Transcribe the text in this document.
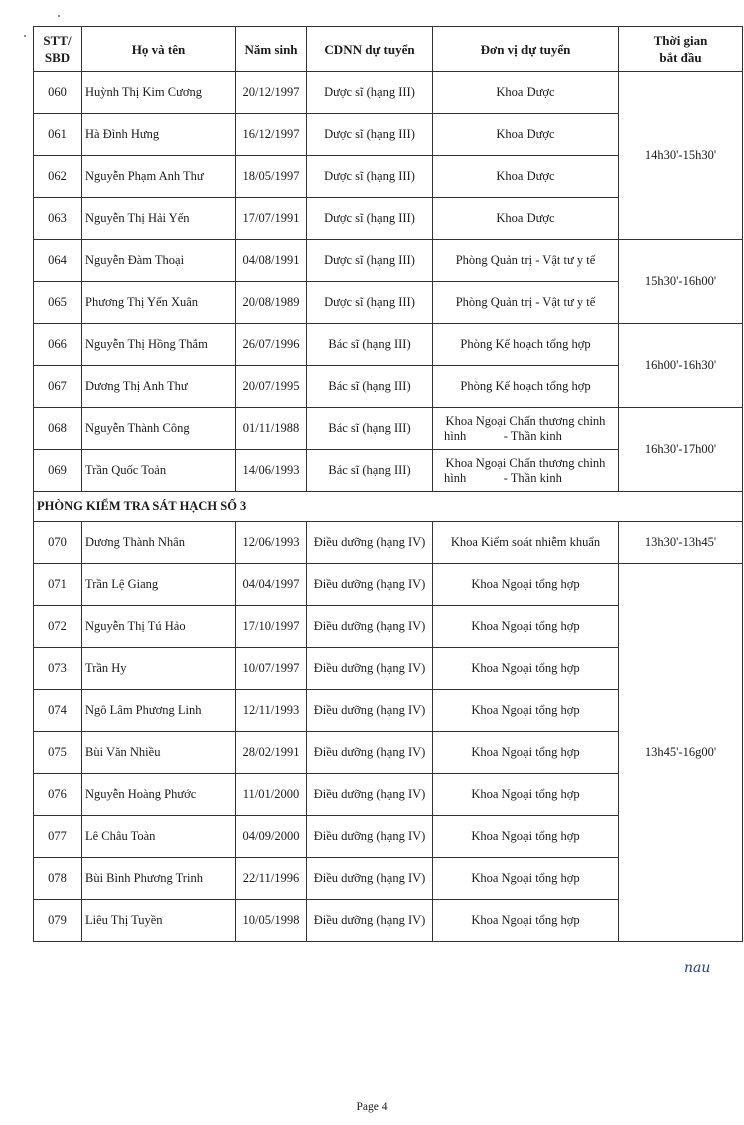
STT/
SBD	Họ và tên	Năm sinh	CDNN dự tuyển	Đơn vị dự tuyển	Thời gian
bắt đầu
060	Huỳnh Thị Kim Cương	20/12/1997	Dược sĩ (hạng III)	Khoa Dược	14h30'-15h30'
061	Hà Đình Hưng	16/12/1997	Dược sĩ (hạng III)	Khoa Dược	
062	Nguyễn Phạm Anh Thư	18/05/1997	Dược sĩ (hạng III)	Khoa Dược	
063	Nguyễn Thị Hải Yến	17/07/1991	Dược sĩ (hạng III)	Khoa Dược	
064	Nguyễn Đàm Thoại	04/08/1991	Dược sĩ (hạng III)	Phòng Quản trị - Vật tư y tế	15h30'-16h00'
065	Phương Thị Yến Xuân	20/08/1989	Dược sĩ (hạng III)	Phòng Quản trị - Vật tư y tế	
066	Nguyễn Thị Hồng Thắm	26/07/1996	Bác sĩ (hạng III)	Phòng Kế hoạch tổng hợp	16h00'-16h30'
067	Dương Thị Anh Thư	20/07/1995	Bác sĩ (hạng III)	Phòng Kế hoạch tổng hợp	
068	Nguyễn Thành Công	01/11/1988	Bác sĩ (hạng III)	Khoa Ngoại Chấn thương chỉnh
hình            - Thần kinh	16h30'-17h00'
069	Trần Quốc Toản	14/06/1993	Bác sĩ (hạng III)	Khoa Ngoại Chấn thương chỉnh
hình            - Thần kinh	

PHÒNG KIỂM TRA SÁT HẠCH SỐ 3					
070	Dương Thành Nhân	12/06/1993	Điều dưỡng (hạng IV)	Khoa Kiểm soát nhiễm khuẩn	13h30'-13h45'
071	Trần Lệ Giang	04/04/1997	Điều dưỡng (hạng IV)	Khoa Ngoại tổng hợp	13h45'-16g00'
072	Nguyễn Thị Tú Hảo	17/10/1997	Điều dưỡng (hạng IV)	Khoa Ngoại tổng hợp	
073	Trần Hy	10/07/1997	Điều dưỡng (hạng IV)	Khoa Ngoại tổng hợp	
074	Ngô Lâm Phương Linh	12/11/1993	Điều dưỡng (hạng IV)	Khoa Ngoại tổng hợp	
075	Bùi Văn Nhiều	28/02/1991	Điều dưỡng (hạng IV)	Khoa Ngoại tổng hợp	
076	Nguyễn Hoàng Phước	11/01/2000	Điều dưỡng (hạng IV)	Khoa Ngoại tổng hợp	
077	Lê Châu Toàn	04/09/2000	Điều dưỡng (hạng IV)	Khoa Ngoại tổng hợp	
078	Bùi Bình Phương Trinh	22/11/1996	Điều dưỡng (hạng IV)	Khoa Ngoại tổng hợp	
079	Liêu Thị Tuyền	10/05/1998	Điều dưỡng (hạng IV)	Khoa Ngoại tổng hợp	
nau
Page 4
